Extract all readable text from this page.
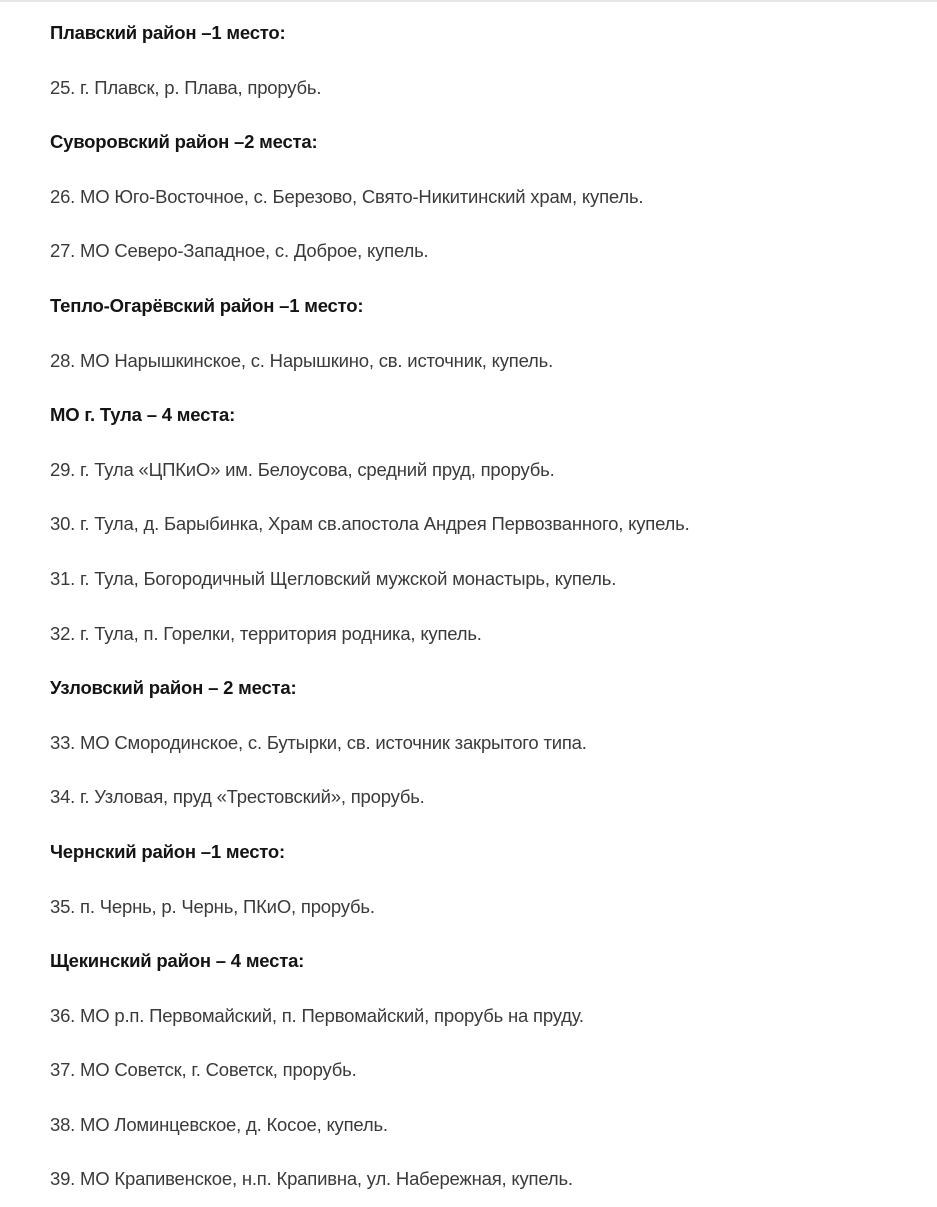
Плавский район –1 место:
25. г. Плавск, р. Плава, прорубь.
Суворовский район –2 места:
26. МО Юго-Восточное, с. Березово, Свято-Никитинский храм, купель.
27. МО Северо-Западное, с. Доброе, купель.
Тепло-Огарёвский район –1 место:
28. МО Нарышкинское, с. Нарышкино, св. источник, купель.
МО г. Тула – 4 места:
29. г. Тула «ЦПКиО» им. Белоусова, средний пруд, прорубь.
30. г. Тула, д. Барыбинка, Храм св.апостола Андрея Первозванного, купель.
31. г. Тула, Богородичный Щегловский мужской монастырь, купель.
32. г. Тула, п. Горелки, территория родника, купель.
Узловский район – 2 места:
33. МО Смородинское, с. Бутырки, св. источник закрытого типа.
34. г. Узловая, пруд «Трестовский», прорубь.
Чернский район –1 место:
35. п. Чернь, р. Чернь, ПКиО, прорубь.
Щекинский район – 4 места:
36. МО р.п. Первомайский, п. Первомайский, прорубь на пруду.
37. МО Советск, г. Советск, прорубь.
38. МО Ломинцевское, д. Косое, купель.
39. МО Крапивенское, н.п. Крапивна, ул. Набережная, купель.
